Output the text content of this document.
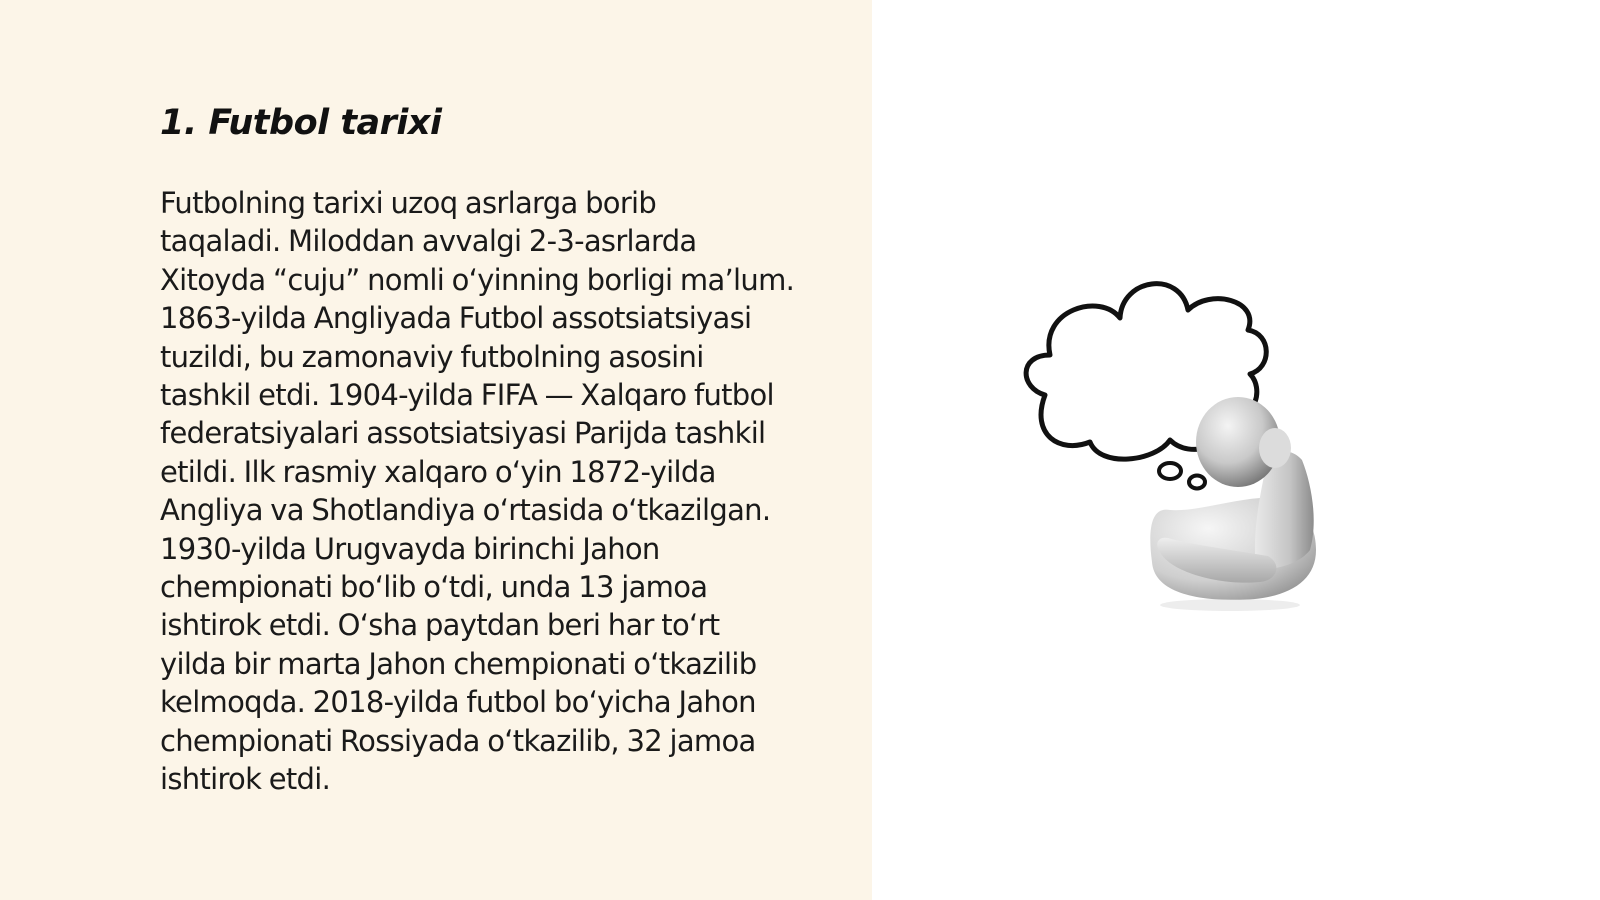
1. Futbol tarixi

Futbolning tarixi uzoq asrlarga borib
taqaladi. Miloddan avvalgi 2-3-asrlarda
Xitoyda “cuju” nomli o‘yinning borligi ma’lum.
1863-yilda Angliyada Futbol assotsiatsiyasi
tuzildi, bu zamonaviy futbolning asosini
tashkil etdi. 1904-yilda FIFA — Xalqaro futbol
federatsiyalari assotsiatsiyasi Parijda tashkil
etildi. Ilk rasmiy xalqaro o‘yin 1872-yilda
Angliya va Shotlandiya o‘rtasida o‘tkazilgan.
1930-yilda Urugvayda birinchi Jahon
chempionati bo‘lib o‘tdi, unda 13 jamoa
ishtirok etdi. O‘sha paytdan beri har to‘rt
yilda bir marta Jahon chempionati o‘tkazilib
kelmoqda. 2018-yilda futbol bo‘yicha Jahon
chempionati Rossiyada o‘tkazilib, 32 jamoa
ishtirok etdi.
